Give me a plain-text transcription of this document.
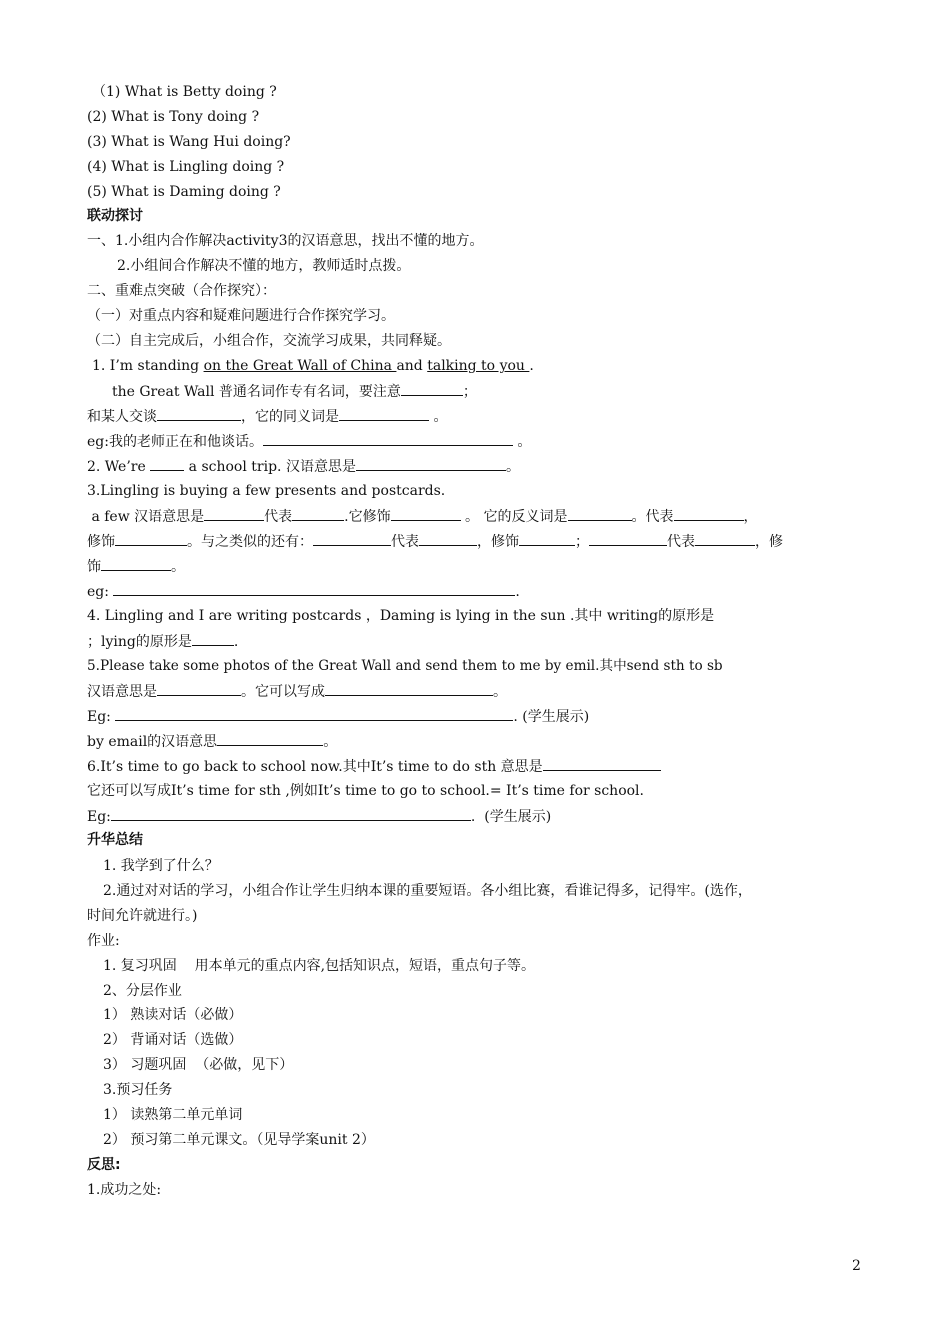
（1) What is Betty doing ?
(2) What is Tony doing ?
(3) What is Wang Hui doing?
(4) What is Lingling doing ?
(5) What is Daming doing ?
联动探讨
一、1.小组内合作解决activity3的汉语意思，找出不懂的地方。
2.小组间合作解决不懂的地方，教师适时点拨。
二、重难点突破（合作探究）：
（一）对重点内容和疑难问题进行合作探究学习。
（二）自主完成后，小组合作，交流学习成果，共同释疑。
1. I’m standing on the Great Wall of China and talking to you .
the Great Wall 普通名词作专有名词，要注意	；
和某人交谈	，它的同义词是	。
eg:我的老师正在和他谈话。	。
2. We’re  a school trip. 汉语意思是	。
3.Lingling is buying a few presents and postcards.
a few 汉语意思是	代表	.它修饰	。 它的反义词是	。代表	，
修饰	。与之类似的还有：	代表	，修饰	；	代表	，修
饰	。
eg:	.
4. Lingling and I are writing postcards ，Daming is lying in the sun .其中 writing的原形是
；lying的原形是	.
5.Please take some photos of the Great Wall and send them to me by emil.其中send sth to sb
汉语意思是	。它可以写成	。
Eg:	. (学生展示)
by email的汉语意思	。
6.It’s time to go back to school now.其中It’s time to do sth 意思是
它还可以写成It’s time for sth ,例如It’s time to go to school.= It’s time for school.
Eg:	.  (学生展示)
升华总结
1. 我学到了什么？
2.通过对对话的学习，小组合作让学生归纳本课的重要短语。各小组比赛，看谁记得多，记得牢。(选作，
时间允许就进行。)
作业:
1. 复习巩固    用本单元的重点内容,包括知识点，短语，重点句子等。
2、分层作业
1） 熟读对话（必做）
2） 背诵对话（选做）
3） 习题巩固  （必做，见下）
3.预习任务
1） 读熟第二单元单词
2） 预习第二单元课文。（见导学案unit 2）
反思:
1.成功之处:
2
